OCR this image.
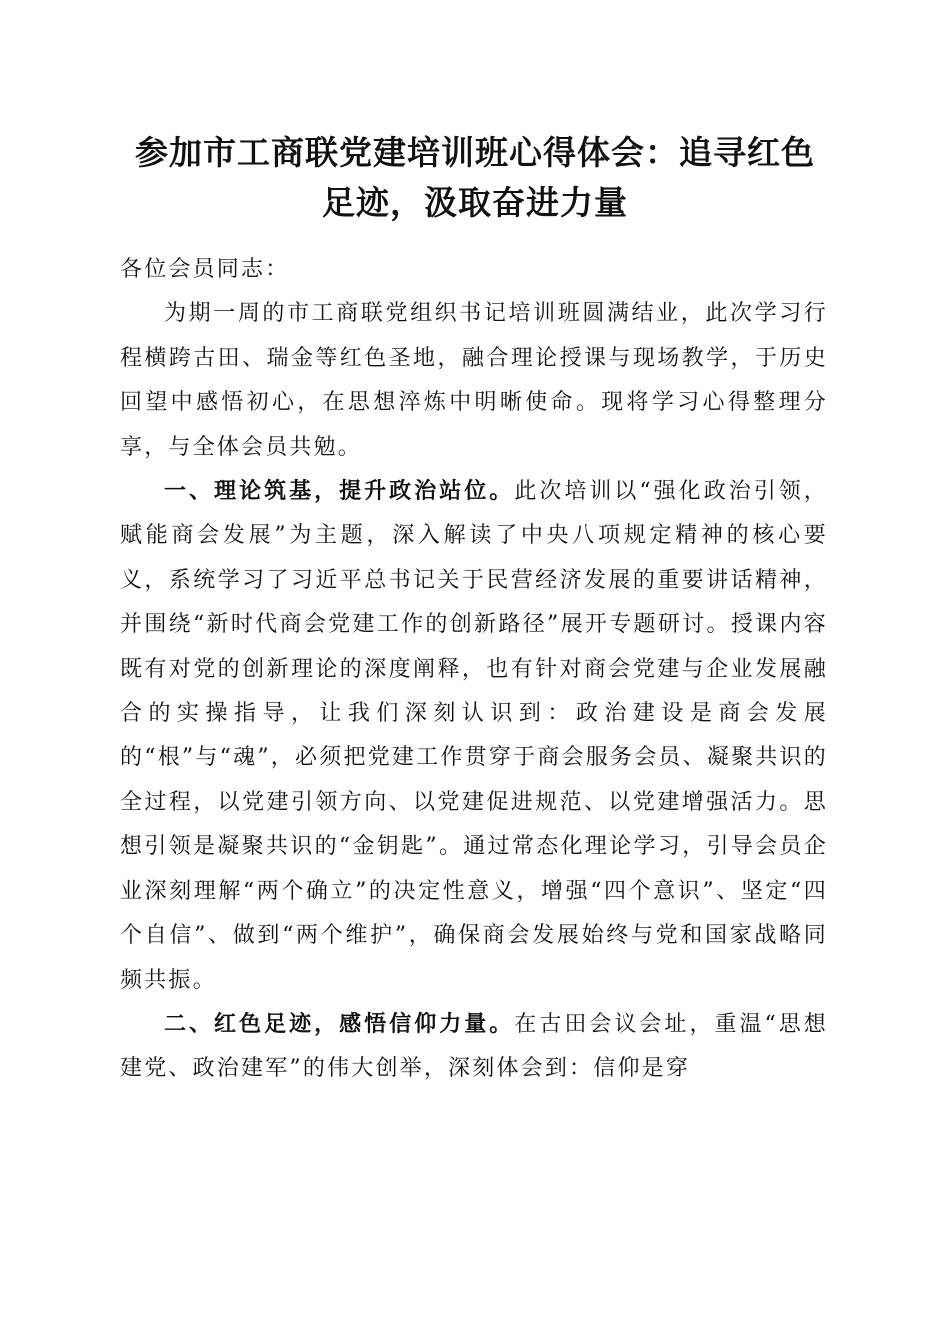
参加市工商联党建培训班心得体会：追寻红色
足迹，汲取奋进力量

各位会员同志：

为期一周的市工商联党组织书记培训班圆满结业，此次学习行程横跨古田、瑞金等红色圣地，融合理论授课与现场教学，于历史回望中感悟初心，在思想淬炼中明晰使命。现将学习心得整理分享，与全体会员共勉。

一、理论筑基，提升政治站位。此次培训以“强化政治引领，赋能商会发展”为主题，深入解读了中央八项规定精神的核心要义，系统学习了习近平总书记关于民营经济发展的重要讲话精神，并围绕“新时代商会党建工作的创新路径”展开专题研讨。授课内容既有对党的创新理论的深度阐释，也有针对商会党建与企业发展融合的实操指导，让我们深刻认识到：政治建设是商会发展的“根”与“魂”，必须把党建工作贯穿于商会服务会员、凝聚共识的全过程，以党建引领方向、以党建促进规范、以党建增强活力。思想引领是凝聚共识的“金钥匙”。通过常态化理论学习，引导会员企业深刻理解“两个确立”的决定性意义，增强“四个意识”、坚定“四个自信”、做到“两个维护”，确保商会发展始终与党和国家战略同频共振。

二、红色足迹，感悟信仰力量。在古田会议会址，重温“思想建党、政治建军”的伟大创举，深刻体会到：信仰是穿
